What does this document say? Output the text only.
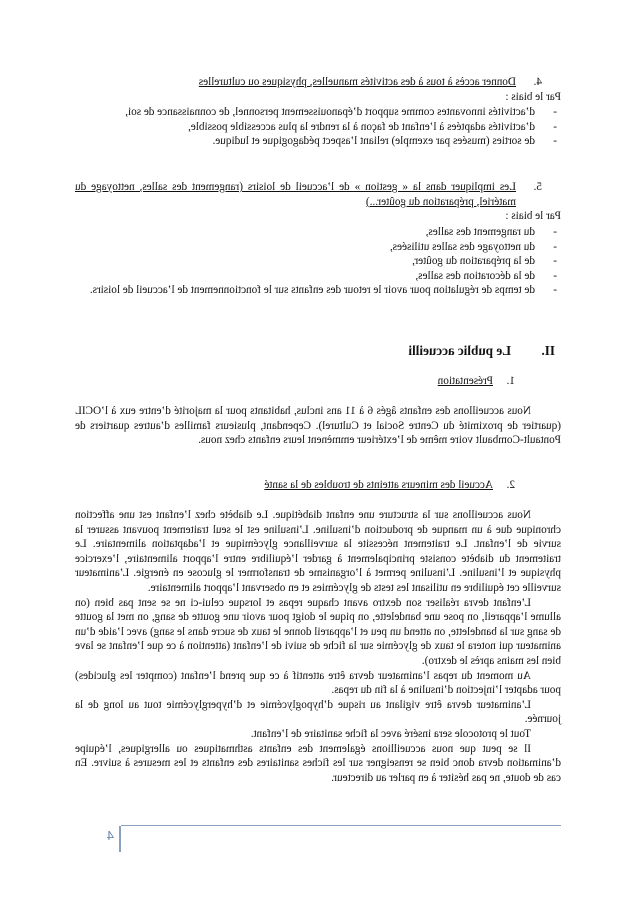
4.
Donner accès à tous à des activités manuelles, physiques ou culturelles
Par le biais :
- d’activités innovantes comme support d’épanouissement personnel, de connaissance de soi,
- d’activités adaptées à l’enfant de façon à la rendre la plus accessible possible,
- de sorties (musées par exemple) reliant l’aspect pédagogique et ludique.
5.
Les impliquer dans la « gestion » de l’accueil de loisirs (rangement des salles, nettoyage du matériel, préparation du goûter...)
Par le biais :
- du rangement des salles,
- du nettoyage des salles utilisées,
- de la préparation du goûter,
- de la décoration des salles,
- de temps de régulation pour avoir le retour des enfants sur le fonctionnement de l’accueil de loisirs.
II.
Le public accueilli
1.
Présentation
Nous accueillons des enfants âgés 6 à 11 ans inclus, habitants pour la majorité d’entre eux à l’OCIL (quartier de proximité du Centre Social et Culturel). Cependant, plusieurs familles d’autres quartiers de Pontault-Combault voire même de l’extérieur emmènent leurs enfants chez nous.
2.
Accueil des mineurs atteints de troubles de la santé
Nous accueillons sur la structure une enfant diabétique. Le diabète chez l’enfant est une affection chronique due à un manque de production d’insuline. L’insuline est le seul traitement pouvant assurer la survie de l’enfant. Le traitement nécessite la surveillance glycémique et l’adaptation alimentaire. Le traitement du diabète consiste principalement à garder l’équilibre entre l’apport alimentaire, l’exercice physique et l’insuline. L’insuline permet à l’organisme de transformer le glucose en énergie. L’animateur surveille cet équilibre en utilisant les tests de glycémies et en observant l’apport alimentaire.
L’enfant devra réaliser son dextro avant chaque repas et lorsque celui-ci ne se sent pas bien (on allume l’appareil, on pose une bandelette, on pique le doigt pour avoir une goutte de sang, on met la goutte de sang sur la bandelette, on attend un peu et l’appareil donne le taux de sucre dans le sang) avec l’aide d’un animateur qui notera le taux de glycémie sur la fiche de suivi de l’enfant (attention à ce que l’enfant se lave bien les mains après le dextro).
Au moment du repas l’animateur devra être attentif à ce que prend l’enfant (compter les glucides) pour adapter l’injection d’insuline à la fin du repas.
L’animateur devra être vigilant au risque d’hypoglycémie et d’hyperglycémie tout au long de la journée.
Tout le protocole sera inséré avec la fiche sanitaire de l’enfant.
Il se peut que nous accueillions également des enfants asthmatiques ou allergiques, l’équipe d’animation devra donc bien se renseigner sur les fiches sanitaires des enfants et les mesures à suivre. En cas de doute, ne pas hésiter à en parler au directeur.
4
